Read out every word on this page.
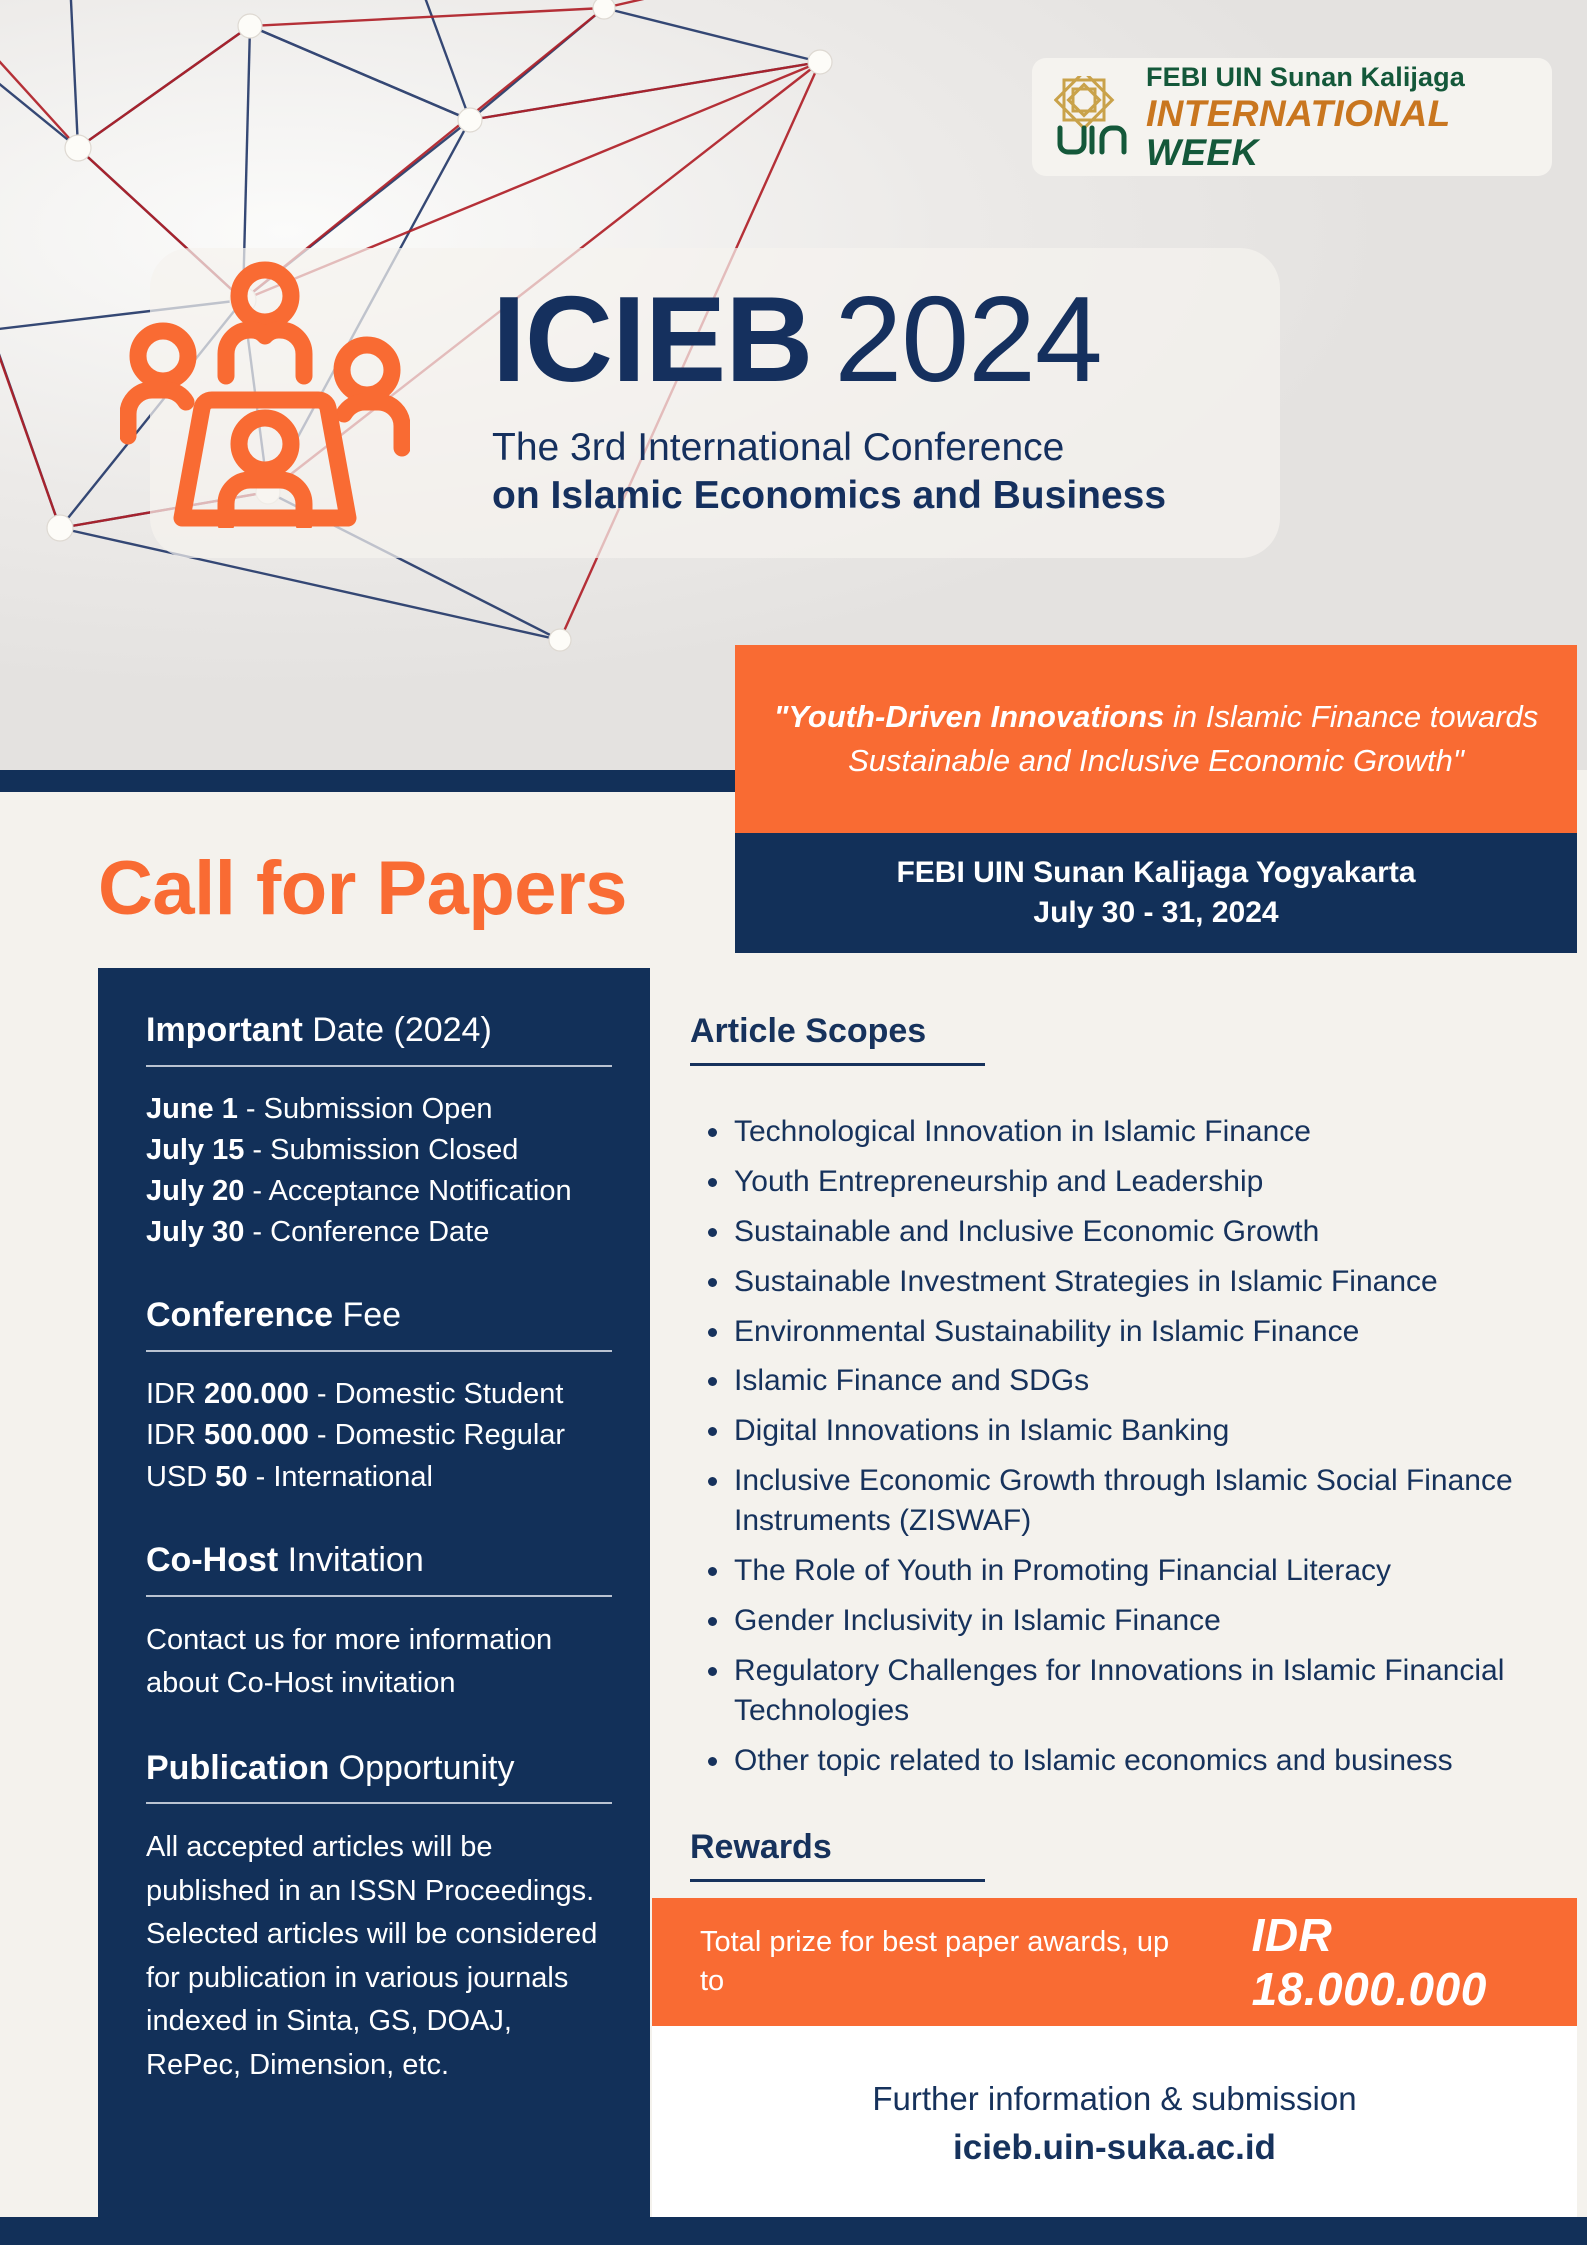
ICIEB 2024
The 3rd International Conference
on Islamic Economics and Business
FEBI UIN Sunan Kalijaga
INTERNATIONAL WEEK
"Youth-Driven Innovations in Islamic Finance towards Sustainable and Inclusive Economic Growth"
FEBI UIN Sunan Kalijaga Yogyakarta
July 30 - 31, 2024
Call for Papers
Important Date (2024)
June 1 - Submission Open
July 15 - Submission Closed
July 20 - Acceptance Notification
July 30 - Conference Date
Conference Fee
IDR 200.000 - Domestic Student
IDR 500.000 - Domestic Regular
USD 50 - International
Co-Host Invitation
Contact us for more information about Co-Host invitation
Publication Opportunity
All accepted articles will be published in an ISSN Proceedings. Selected articles will be considered for publication in various journals indexed in Sinta, GS, DOAJ, RePec, Dimension, etc.
Article Scopes
Technological Innovation in Islamic Finance
Youth Entrepreneurship and Leadership
Sustainable and Inclusive Economic Growth
Sustainable Investment Strategies in Islamic Finance
Environmental Sustainability in Islamic Finance
Islamic Finance and SDGs
Digital Innovations in Islamic Banking
Inclusive Economic Growth through Islamic Social Finance Instruments (ZISWAF)
The Role of Youth in Promoting Financial Literacy
Gender Inclusivity in Islamic Finance
Regulatory Challenges for Innovations in Islamic Financial Technologies
Other topic related to Islamic economics and business
Rewards
Total prize for best paper awards, up to
IDR 18.000.000
Further information & submission
icieb.uin-suka.ac.id
